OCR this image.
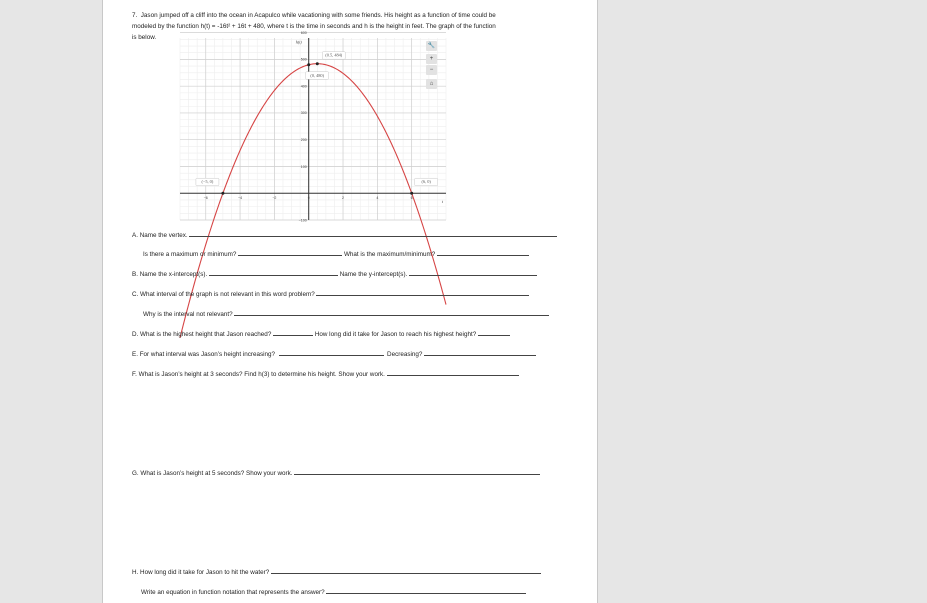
7. Jason jumped off a cliff into the ocean in Acapulco while vacationing with some friends. His height as a function of time could be
modeled by the function h(t) = -16t² + 16t + 480, where t is the time in seconds and h is the height in feet. The graph of the function
is below.
−6	−4	−2	0	2	4	6
−100
100
200
300
400
500
600
h(t)
t
(0.5, 484)
(0, 480)
(−5, 0)	(6, 0)
🔧
+
−
⌂
A. Name the vertex.
Is there a maximum or minimum?	What is the maximum/minimum?
B. Name the x-intercept(s).	Name the y-intercept(s).
C. What interval of the graph is not relevant in this word problem?
Why is the interval not relevant?
D. What is the highest height that Jason reached?	How long did it take for Jason to reach his highest height?
E. For what interval was Jason’s height increasing?	Decreasing?
F. What is Jason’s height at 3 seconds? Find h(3) to determine his height. Show your work.
G. What is Jason’s height at 5 seconds? Show your work.
H. How long did it take for Jason to hit the water?
Write an equation in function notation that represents the answer?
